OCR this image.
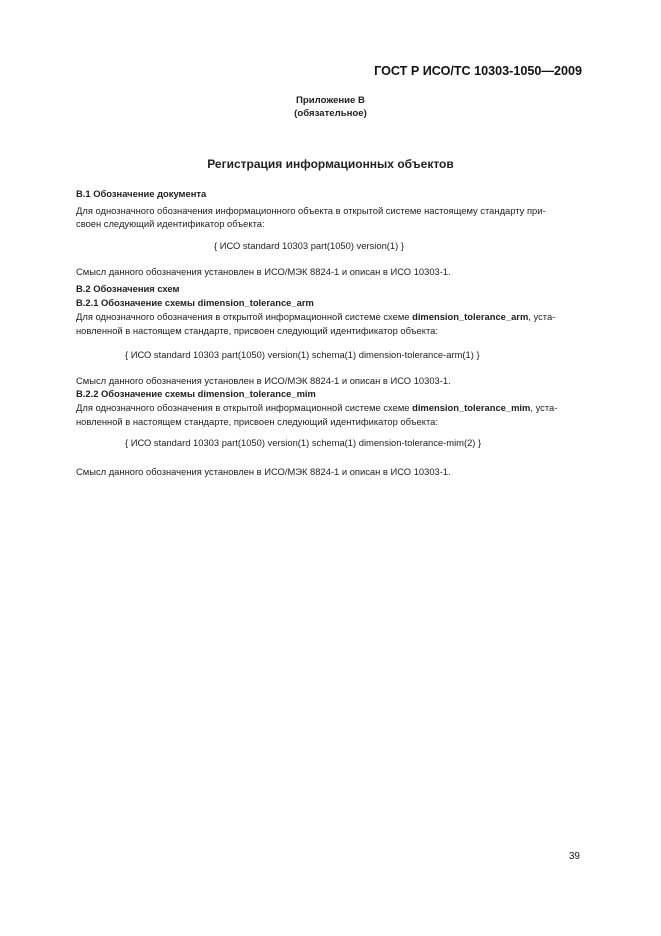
ГОСТ Р ИСО/ТС 10303-1050—2009
Приложение В
(обязательное)
Регистрация информационных объектов
В.1 Обозначение документа
Для однозначного обозначения информационного объекта в открытой системе настоящему стандарту при-
своен следующий идентификатор объекта:
{ ИСО standard 10303 part(1050) version(1) }
Смысл данного обозначения установлен в ИСО/МЭК 8824-1 и описан в ИСО 10303-1.
В.2 Обозначения схем
В.2.1 Обозначение схемы dimension_tolerance_arm
Для однозначного обозначения в открытой информационной системе схеме dimension_tolerance_arm, уста-
новленной в настоящем стандарте, присвоен следующий идентификатор объекта:
{ ИСО standard 10303 part(1050) version(1) schema(1) dimension-tolerance-arm(1) }
Смысл данного обозначения установлен в ИСО/МЭК 8824-1 и описан в ИСО 10303-1.
В.2.2 Обозначение схемы dimension_tolerance_mim
Для однозначного обозначения в открытой информационной системе схеме dimension_tolerance_mim, уста-
новленной в настоящем стандарте, присвоен следующий идентификатор объекта:
{ ИСО standard 10303 part(1050) version(1) schema(1) dimension-tolerance-mim(2) }
Смысл данного обозначения установлен в ИСО/МЭК 8824-1 и описан в ИСО 10303-1.
39
